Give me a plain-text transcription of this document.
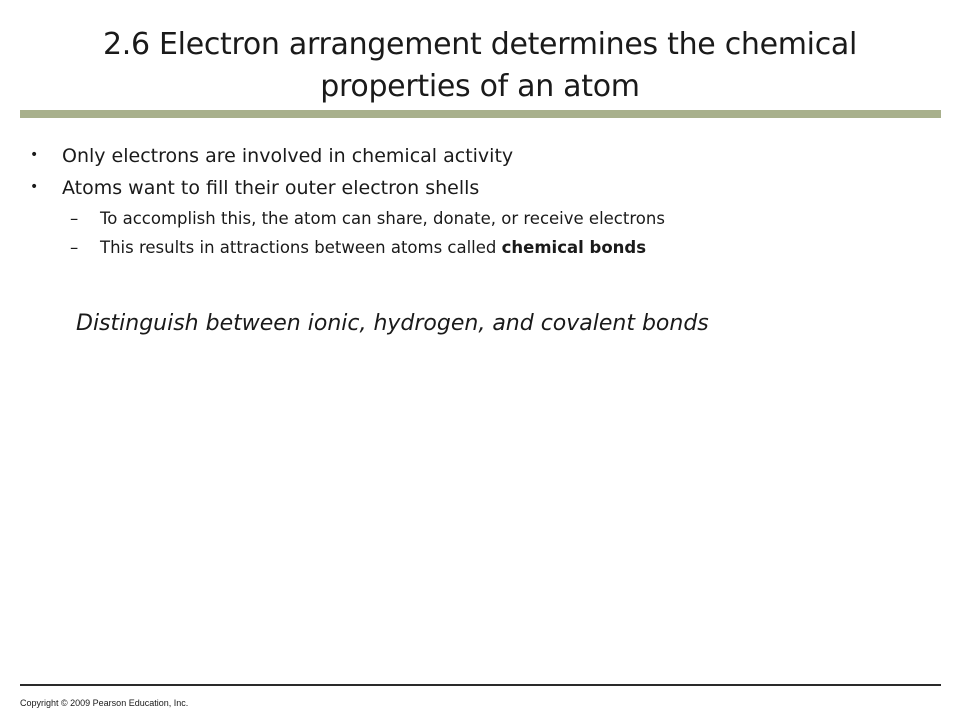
2.6 Electron arrangement determines the chemical
properties of an atom
• Only electrons are involved in chemical activity
• Atoms want to fill their outer electron shells
– To accomplish this, the atom can share, donate, or receive electrons
– This results in attractions between atoms called chemical bonds
Distinguish between ionic, hydrogen, and covalent bonds
Copyright © 2009 Pearson Education, Inc.
